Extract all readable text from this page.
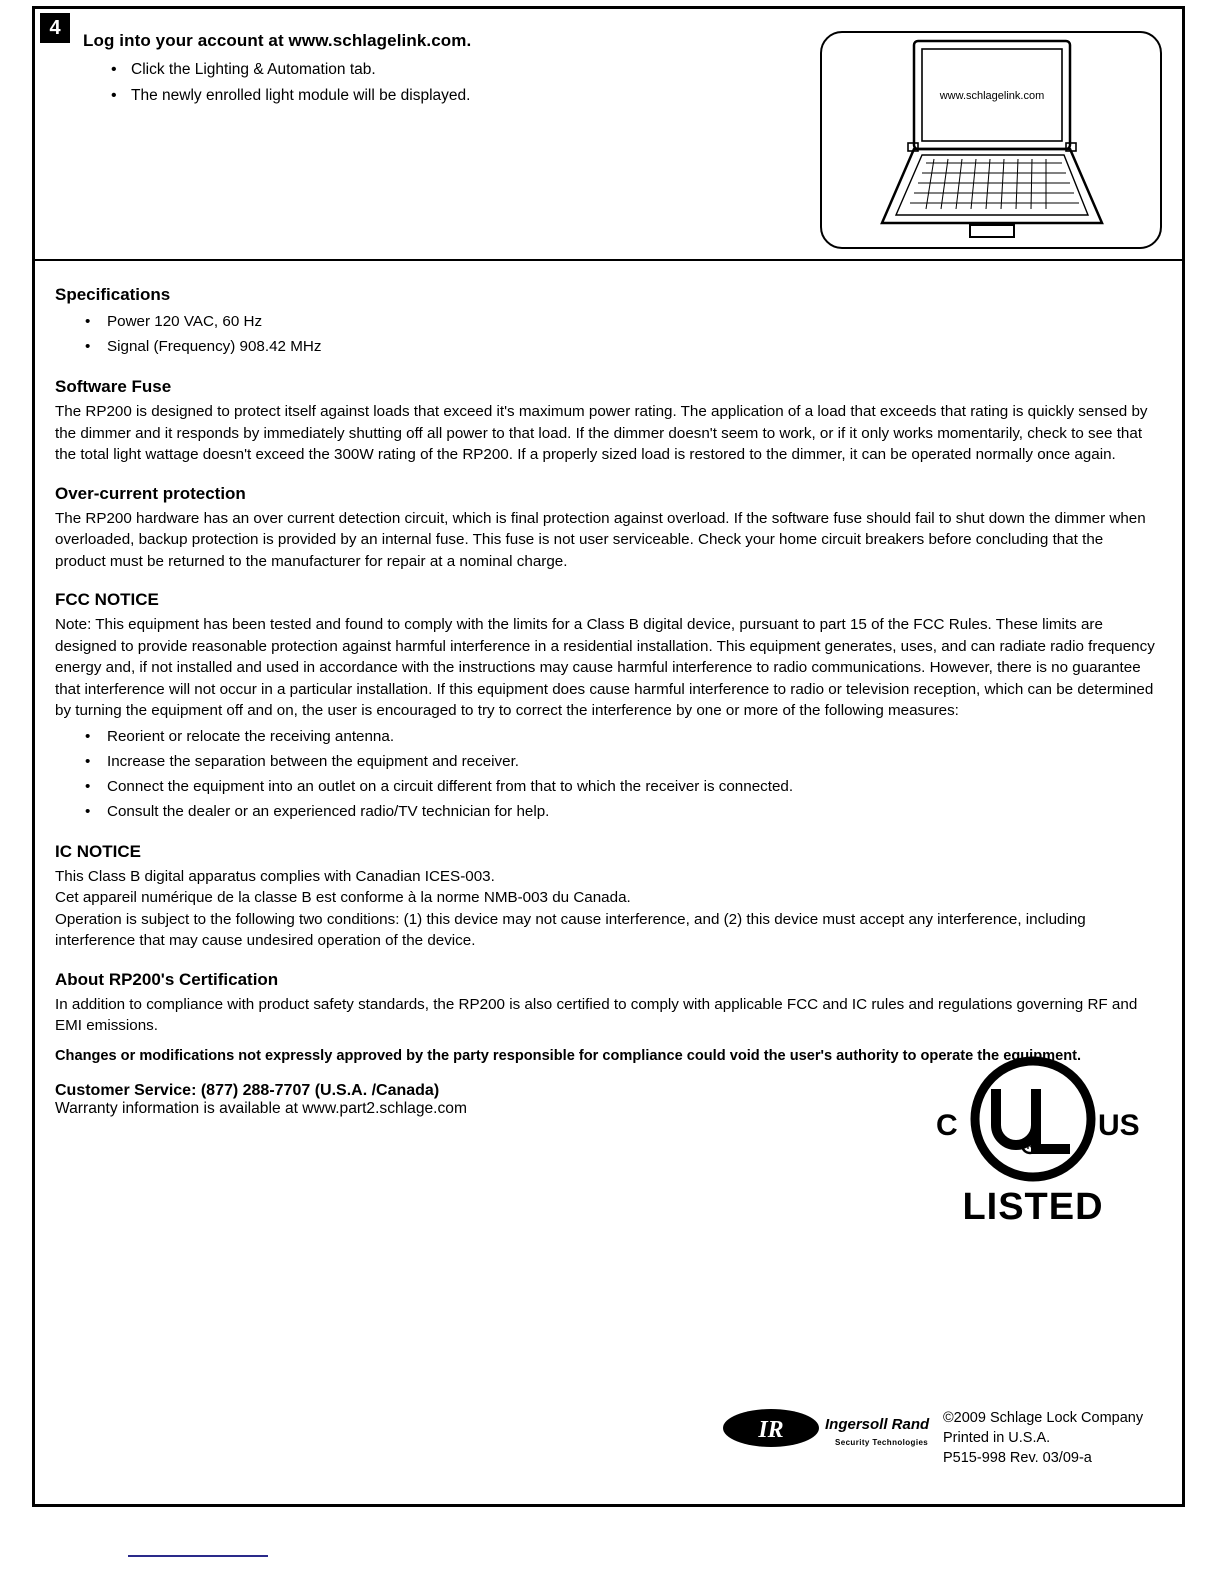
4
Log into your account at www.schlagelink.com.
• Click the Lighting & Automation tab.
• The newly enrolled light module will be displayed.	www.schlagelink.com
Specifications
• Power 120 VAC, 60 Hz
• Signal (Frequency) 908.42 MHz
Software Fuse

The RP200 is designed to protect itself against loads that exceed it's maximum power rating. The application of a load that exceeds that rating is quickly sensed by the dimmer and it responds by immediately shutting off all power to that load. If the dimmer doesn't seem to work, or if it only works momentarily, check to see that the total light wattage doesn't exceed the 300W rating of the RP200. If a properly sized load is restored to the dimmer, it can be operated normally once again.

Over-current protection

The RP200 hardware has an over current detection circuit, which is final protection against overload. If the software fuse should fail to shut down the dimmer when overloaded, backup protection is provided by an internal fuse. This fuse is not user serviceable. Check your home circuit breakers before concluding that the product must be returned to the manufacturer for repair at a nominal charge.

FCC NOTICE

Note: This equipment has been tested and found to comply with the limits for a Class B digital device, pursuant to part 15 of the FCC Rules. These limits are designed to provide reasonable protection against harmful interference in a residential installation. This equipment generates, uses, and can radiate radio frequency energy and, if not installed and used in accordance with the instructions may cause harmful interference to radio communications. However, there is no guarantee that interference will not occur in a particular installation. If this equipment does cause harmful interference to radio or television reception, which can be determined by turning the equipment off and on, the user is encouraged to try to correct the interference by one or more of the following measures:

• Reorient or relocate the receiving antenna.
• Increase the separation between the equipment and receiver.
• Connect the equipment into an outlet on a circuit different from that to which the receiver is connected.
• Consult the dealer or an experienced radio/TV technician for help.
IC NOTICE

This Class B digital apparatus complies with Canadian ICES-003.

Cet appareil numérique de la classe B est conforme à la norme NMB-003 du Canada.

Operation is subject to the following two conditions: (1) this device may not cause interference, and (2) this device must accept any interference, including interference that may cause undesired operation of the device.

About RP200's Certification

In addition to compliance with product safety standards, the RP200 is also certified to comply with applicable FCC and IC rules and regulations governing RF and EMI emissions.

Changes or modifications not expressly approved by the party responsible for compliance could void the user's authority to operate the equipment.

Customer Service: (877) 288-7707 (U.S.A. /Canada)

Warranty information is available at www.part2.schlage.com

R
C	US
LISTED
IR	Ingersoll Rand
Security Technologies
©2009 Schlage Lock Company
Printed in U.S.A.
P515-998 Rev. 03/09-a
